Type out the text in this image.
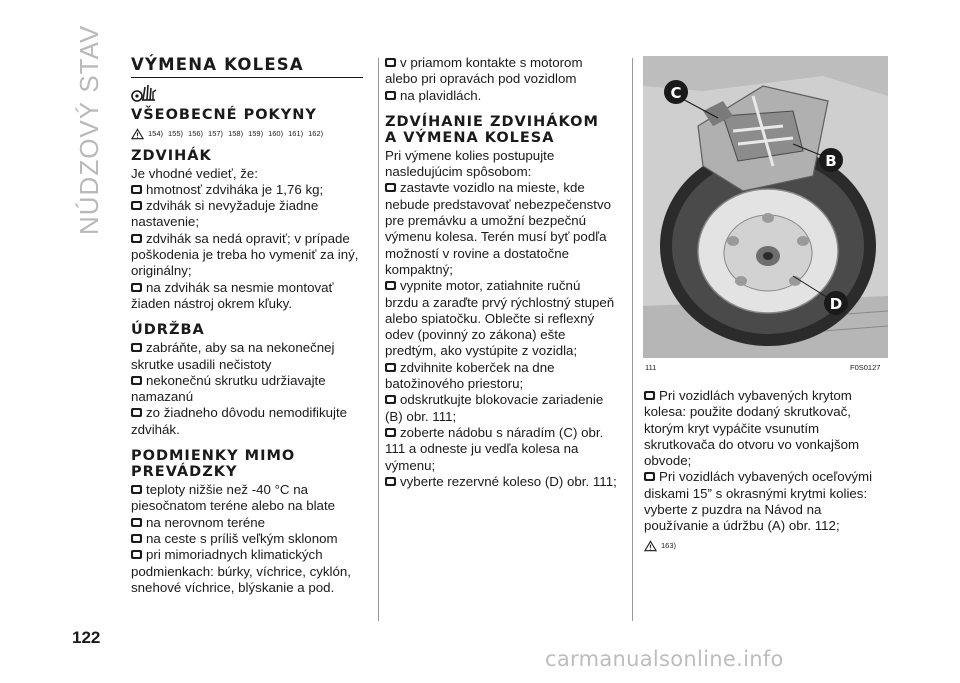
NÚDZOVÝ STAV
122
VÝMENA KOLESA
VŠEOBECNÉ POKYNY
154) 155) 156) 157) 158) 159) 160) 161) 162)
ZDVIHÁK

Je vhodné vedieť, že:

hmotnosť zdviháka je 1,76 kg;

zdvihák si nevyžaduje žiadne nastavenie;

zdvihák sa nedá opraviť; v prípade poškodenia je treba ho vymeniť za iný, originálny;

na zdvihák sa nesmie montovať žiaden nástroj okrem kľuky.

ÚDRŽBA

zabráňte, aby sa na nekonečnej skrutke usadili nečistoty

nekonečnú skrutku udržiavajte namazanú

zo žiadneho dôvodu nemodifikujte zdvihák.

PODMIENKY MIMO PREVÁDZKY

teploty nižšie než -40 °C na piesočnatom teréne alebo na blate

na nerovnom teréne

na ceste s príliš veľkým sklonom

pri mimoriadnych klimatických podmienkach: búrky, víchrice, cyklón, snehové víchrice, blýskanie a pod.

v priamom kontakte s motorom alebo pri opravách pod vozidlom

na plavidlách.

ZDVÍHANIE ZDVIHÁKOM A VÝMENA KOLESA

Pri výmene kolies postupujte nasledujúcim spôsobom:

zastavte vozidlo na mieste, kde nebude predstavovať nebezpečenstvo pre premávku a umožní bezpečnú výmenu kolesa. Terén musí byť podľa možností v rovine a dostatočne kompaktný;

vypnite motor, zatiahnite ručnú brzdu a zaraďte prvý rýchlostný stupeň alebo spiatočku. Oblečte si reflexný odev (povinný zo zákona) ešte predtým, ako vystúpite z vozidla;

zdvihnite koberček na dne batožinového priestoru;

odskrutkujte blokovacie zariadenie (B) obr. 111;

zoberte nádobu s náradím (C) obr. 111 a odneste ju vedľa kolesa na výmenu;

vyberte rezervné koleso (D) obr. 111;

C
B
D
111	F0S0127

Pri vozidlách vybavených krytom kolesa: použite dodaný skrutkovač, ktorým kryt vypáčite vsunutím skrutkovača do otvoru vo vonkajšom obvode;

Pri vozidlách vybavených oceľovými diskami 15” s okrasnými krytmi kolies: vyberte z puzdra na Návod na používanie a údržbu (A) obr. 112;

163)
carmanualsonline.info
